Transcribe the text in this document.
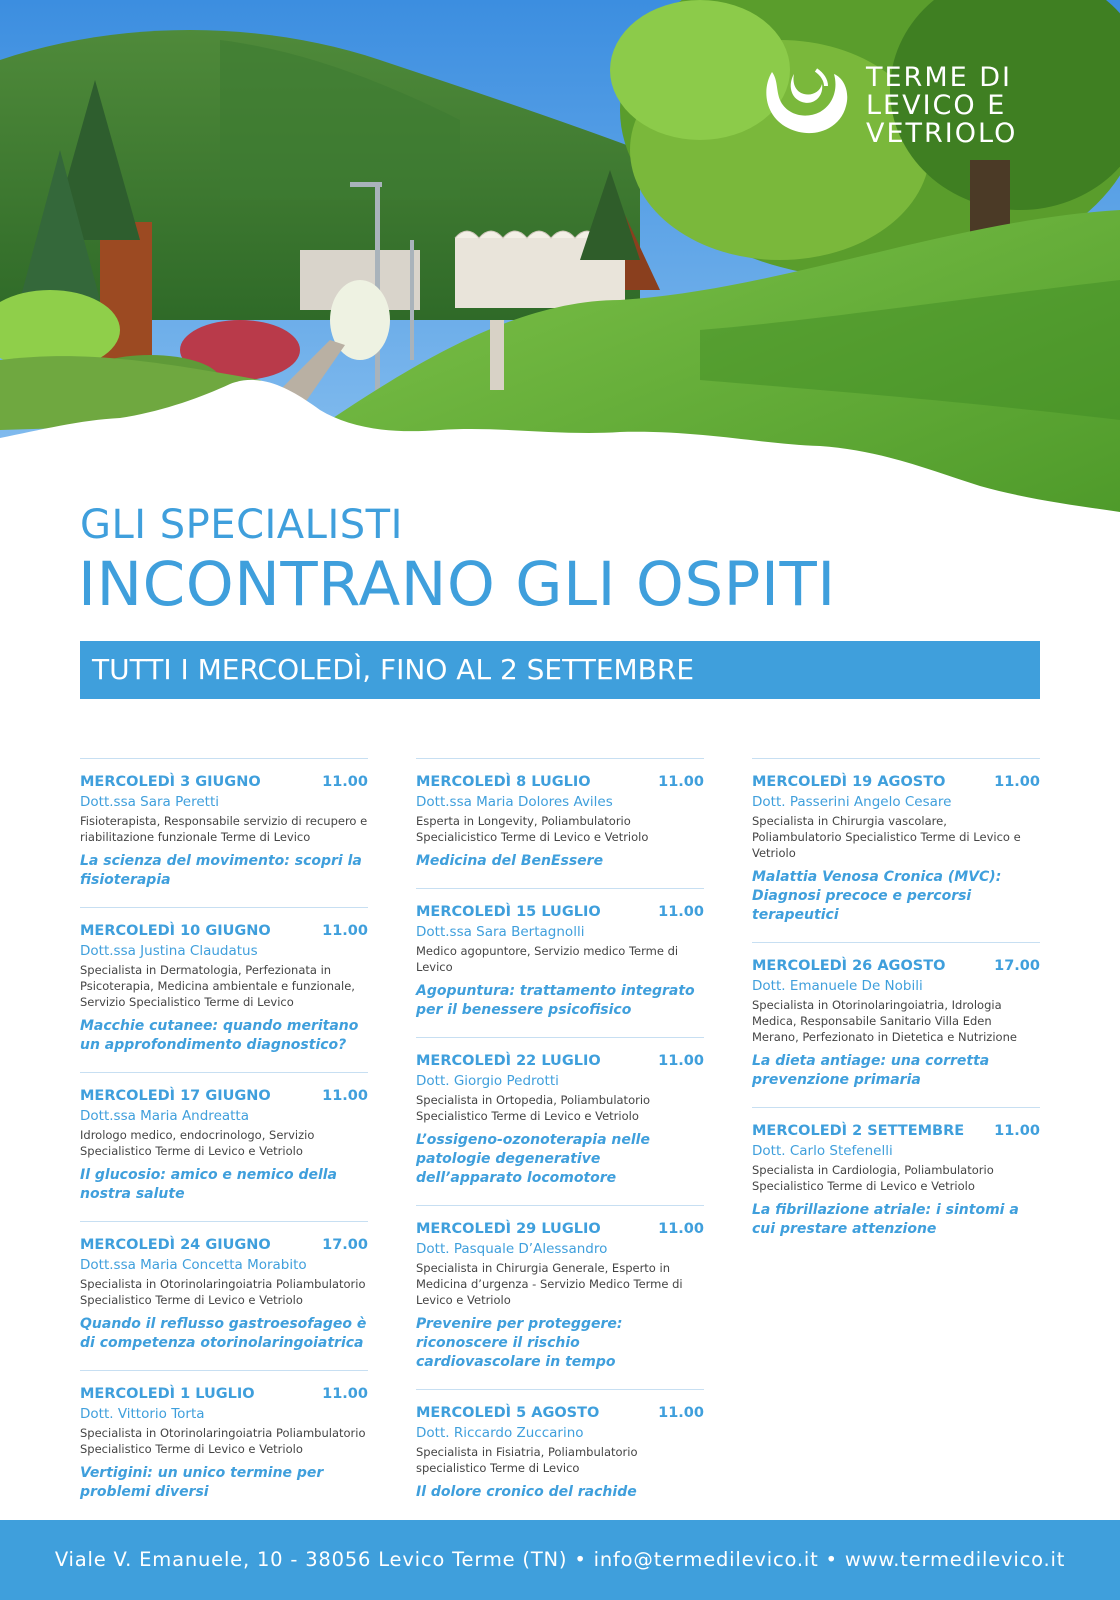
TERME DI
LEVICO E
VETRIOLO
GLI SPECIALISTI
INCONTRANO GLI OSPITI
TUTTI I MERCOLEDÌ, FINO AL 2 SETTEMBRE
MERCOLEDÌ 3 GIUGNO	11.00
Dott.ssa Sara Peretti
Fisioterapista, Responsabile servizio di recupero e riabilitazione funzionale Terme di Levico
La scienza del movimento: scopri la fisioterapia
MERCOLEDÌ 10 GIUGNO	11.00
Dott.ssa Justina Claudatus
Specialista in Dermatologia, Perfezionata in Psicoterapia, Medicina ambientale e funzionale, Servizio Specialistico Terme di Levico
Macchie cutanee: quando meritano un approfondimento diagnostico?
MERCOLEDÌ 17 GIUGNO	11.00
Dott.ssa Maria Andreatta
Idrologo medico, endocrinologo, Servizio Specialistico Terme di Levico e Vetriolo
Il glucosio: amico e nemico della nostra salute
MERCOLEDÌ 24 GIUGNO	17.00
Dott.ssa Maria Concetta Morabito
Specialista in Otorinolaringoiatria Poliambulatorio Specialistico Terme di Levico e Vetriolo
Quando il reflusso gastroesofageo è di competenza otorinolaringoiatrica
MERCOLEDÌ 1 LUGLIO	11.00
Dott. Vittorio Torta
Specialista in Otorinolaringoiatria Poliambulatorio Specialistico Terme di Levico e Vetriolo
Vertigini: un unico termine per problemi diversi
MERCOLEDÌ 8 LUGLIO	11.00
Dott.ssa Maria Dolores Aviles
Esperta in Longevity, Poliambulatorio Specialicistico Terme di Levico e Vetriolo
Medicina del BenEssere
MERCOLEDÌ 15 LUGLIO	11.00
Dott.ssa Sara Bertagnolli
Medico agopuntore, Servizio medico Terme di Levico
Agopuntura: trattamento integrato per il benessere psicofisico
MERCOLEDÌ 22 LUGLIO	11.00
Dott. Giorgio Pedrotti
Specialista in Ortopedia, Poliambulatorio Specialistico Terme di Levico e Vetriolo
L’ossigeno-ozonoterapia nelle patologie degenerative dell’apparato locomotore
MERCOLEDÌ 29 LUGLIO	11.00
Dott. Pasquale D’Alessandro
Specialista in Chirurgia Generale, Esperto in Medicina d’urgenza - Servizio Medico Terme di Levico e Vetriolo
Prevenire per proteggere: riconoscere il rischio cardiovascolare in tempo
MERCOLEDÌ 5 AGOSTO	11.00
Dott. Riccardo Zuccarino
Specialista in Fisiatria, Poliambulatorio specialistico Terme di Levico
Il dolore cronico del rachide
MERCOLEDÌ 19 AGOSTO	11.00
Dott. Passerini Angelo Cesare
Specialista in Chirurgia vascolare, Poliambulatorio Specialistico Terme di Levico e Vetriolo
Malattia Venosa Cronica (MVC): Diagnosi precoce e percorsi terapeutici
MERCOLEDÌ 26 AGOSTO	17.00
Dott. Emanuele De Nobili
Specialista in Otorinolaringoiatria, Idrologia Medica, Responsabile Sanitario Villa Eden Merano, Perfezionato in Dietetica e Nutrizione
La dieta antiage: una corretta prevenzione primaria
MERCOLEDÌ 2 SETTEMBRE 11.00
Dott. Carlo Stefenelli
Specialista in Cardiologia, Poliambulatorio Specialistico Terme di Levico e Vetriolo
La fibrillazione atriale: i sintomi a cui prestare attenzione
Viale V. Emanuele, 10 - 38056 Levico Terme (TN) • info@termedilevico.it • www.termedilevico.it
